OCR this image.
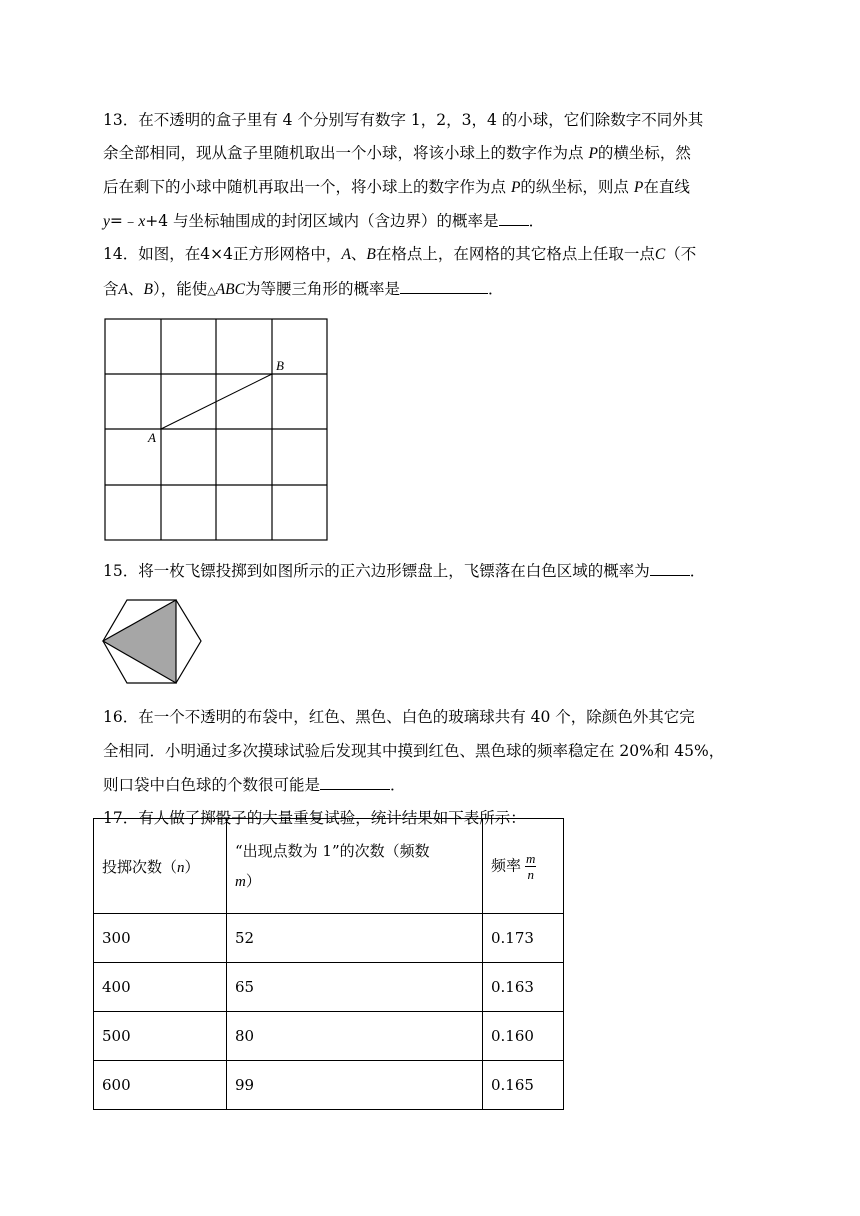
13．在不透明的盒子里有 4 个分别写有数字 1，2，3，4 的小球，它们除数字不同外其
余全部相同，现从盒子里随机取出一个小球，将该小球上的数字作为点 P的横坐标，然
后在剩下的小球中随机再取出一个，将小球上的数字作为点 P的纵坐标，则点 P在直线
y=﹣x+4 与坐标轴围成的封闭区域内（含边界）的概率是 ．
14．如图，在4×4正方形网格中，A、B在格点上，在网格的其它格点上任取一点C（不
含A、B），能使△ABC为等腰三角形的概率是	．
A
B
15．将一枚飞镖投掷到如图所示的正六边形镖盘上，飞镖落在白色区域的概率为	．
16．在一个不透明的布袋中，红色、黑色、白色的玻璃球共有 40 个，除颜色外其它完
全相同．小明通过多次摸球试验后发现其中摸到红色、黑色球的频率稳定在 20%和 45%，
则口袋中白色球的个数很可能是	．
17．有人做了掷骰子的大量重复试验，统计结果如下表所示：
投掷次数（n）	“出现点数为 1”的次数（频数
m）	频率 $\frac{m}{n}$

300	52	0.173
400	65	0.163
500	80	0.160
600	99	0.165
